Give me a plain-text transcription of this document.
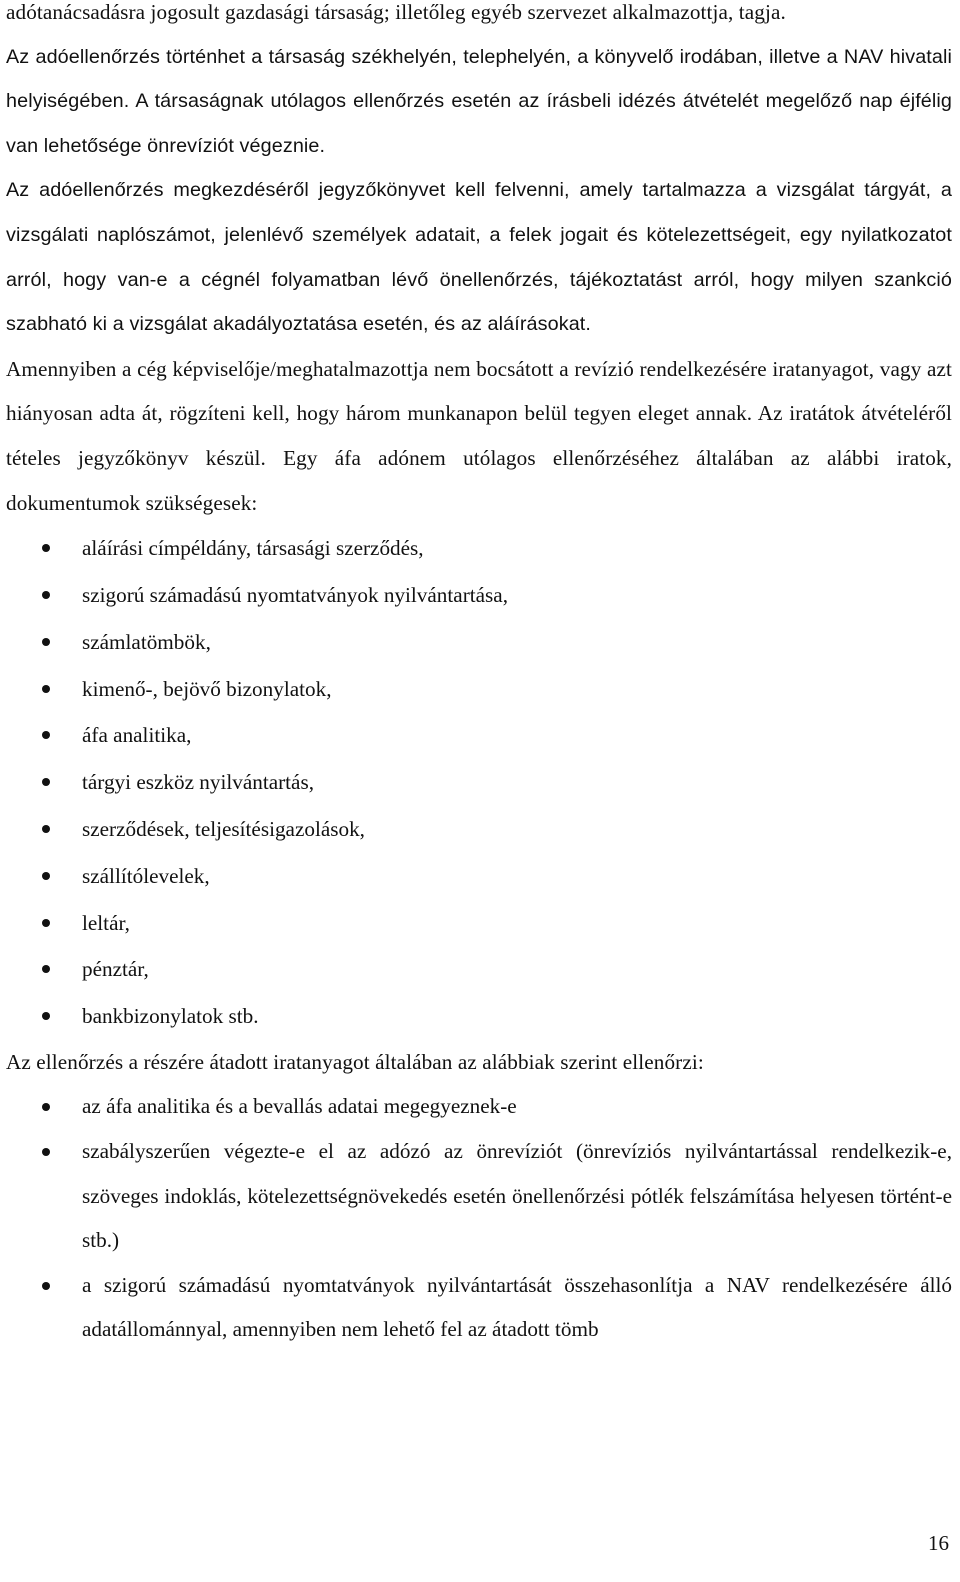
adótanácsadásra jogosult gazdasági társaság; illetőleg egyéb szervezet alkalmazottja, tagja.

Az adóellenőrzés történhet a társaság székhelyén, telephelyén, a könyvelő irodában, illetve a NAV hivatali helyiségében. A társaságnak utólagos ellenőrzés esetén az írásbeli idézés átvételét megelőző nap éjfélig van lehetősége önrevíziót végeznie.

Az adóellenőrzés megkezdéséről jegyzőkönyvet kell felvenni, amely tartalmazza a vizsgálat tárgyát, a vizsgálati naplószámot, jelenlévő személyek adatait, a felek jogait és kötelezettségeit, egy nyilatkozatot arról, hogy van-e a cégnél folyamatban lévő önellenőrzés, tájékoztatást arról, hogy milyen szankció szabható ki a vizsgálat akadályoztatása esetén, és az aláírásokat.

Amennyiben a cég képviselője/meghatalmazottja nem bocsátott a revízió rendelkezésére iratanyagot, vagy azt hiányosan adta át, rögzíteni kell, hogy három munkanapon belül tegyen eleget annak. Az iratátok átvételéről tételes jegyzőkönyv készül. Egy áfa adónem utólagos ellenőrzéséhez általában az alábbi iratok, dokumentumok szükségesek:

aláírási címpéldány, társasági szerződés,
szigorú számadású nyomtatványok nyilvántartása,
számlatömbök,
kimenő-, bejövő bizonylatok,
áfa analitika,
tárgyi eszköz nyilvántartás,
szerződések, teljesítésigazolások,
szállítólevelek,
leltár,
pénztár,
bankbizonylatok stb.

Az ellenőrzés a részére átadott iratanyagot általában az alábbiak szerint ellenőrzi:

az áfa analitika és a bevallás adatai megegyeznek-e
szabályszerűen végezte-e el az adózó az önrevíziót (önrevíziós nyilvántartással rendelkezik-e, szöveges indoklás, kötelezettségnövekedés esetén önellenőrzési pótlék felszámítása helyesen történt-e stb.)
a szigorú számadású nyomtatványok nyilvántartását összehasonlítja a NAV rendelkezésére álló adatállománnyal, amennyiben nem lehető fel az átadott tömb
16
